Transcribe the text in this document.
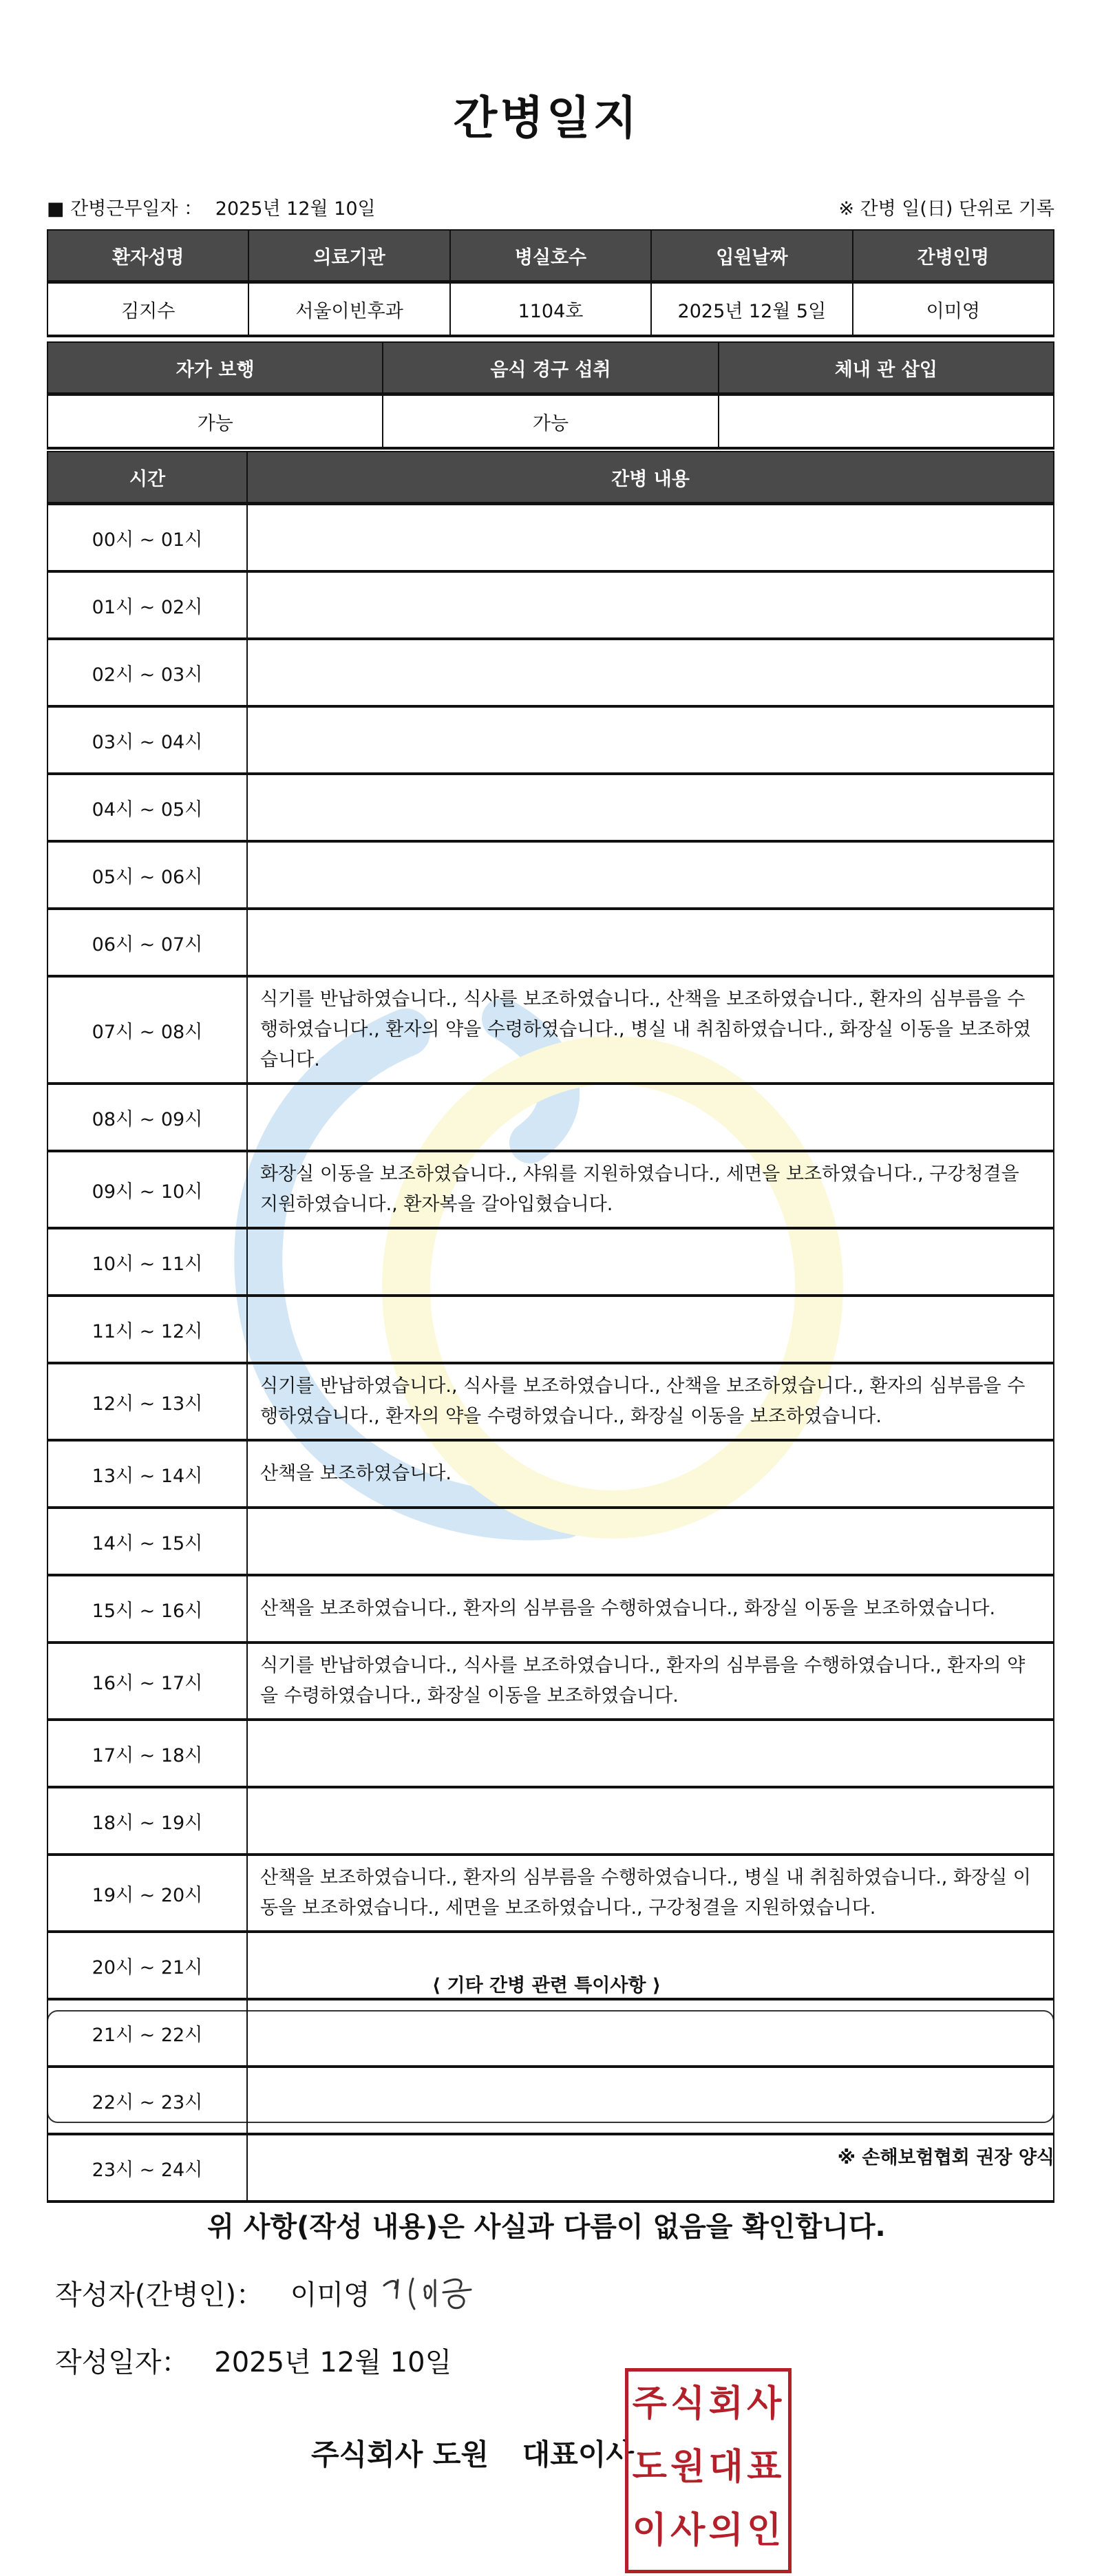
간병일지
■ 간병근무일자 ： 2025년 12월 10일	※ 간병 일(日) 단위로 기록
환자성명	의료기관	병실호수	입원날짜	간병인명
김지수	서울이빈후과	1104호	2025년 12월 5일	이미영
자가 보행	음식 경구 섭취	체내 관 삽입
가능	가능	
시간	간병 내용
00시 ~ 01시	
01시 ~ 02시	
02시 ~ 03시	
03시 ~ 04시	
04시 ~ 05시	
05시 ~ 06시	
06시 ~ 07시	
07시 ~ 08시	식기를 반납하였습니다., 식사를 보조하였습니다., 산책을 보조하였습니다., 환자의 심부름을 수행하였습니다., 환자의 약을 수령하였습니다., 병실 내 취침하였습니다., 화장실 이동을 보조하였습니다.
08시 ~ 09시	
09시 ~ 10시	화장실 이동을 보조하였습니다., 샤워를 지원하였습니다., 세면을 보조하였습니다., 구강청결을 지원하였습니다., 환자복을 갈아입혔습니다.
10시 ~ 11시	
11시 ~ 12시	
12시 ~ 13시	식기를 반납하였습니다., 식사를 보조하였습니다., 산책을 보조하였습니다., 환자의 심부름을 수행하였습니다., 환자의 약을 수령하였습니다., 화장실 이동을 보조하였습니다.
13시 ~ 14시	산책을 보조하였습니다.
14시 ~ 15시	
15시 ~ 16시	산책을 보조하였습니다., 환자의 심부름을 수행하였습니다., 화장실 이동을 보조하였습니다.
16시 ~ 17시	식기를 반납하였습니다., 식사를 보조하였습니다., 환자의 심부름을 수행하였습니다., 환자의 약을 수령하였습니다., 화장실 이동을 보조하였습니다.
17시 ~ 18시	
18시 ~ 19시	
19시 ~ 20시	산책을 보조하였습니다., 환자의 심부름을 수행하였습니다., 병실 내 취침하였습니다., 화장실 이동을 보조하였습니다., 세면을 보조하였습니다., 구강청결을 지원하였습니다.
20시 ~ 21시	
21시 ~ 22시	
22시 ~ 23시	
23시 ~ 24시	
⟨ 기타 간병 관련 특이사항 ⟩
※ 손해보험협회 권장 양식
위 사항(작성 내용)은 사실과 다름이 없음을 확인합니다.
작성자(간병인)： 이미영
작성일자： 2025년 12월 10일
주식회사 도원 대표이사
주 식 회 사
도 원 대 표
이 사 의 인
